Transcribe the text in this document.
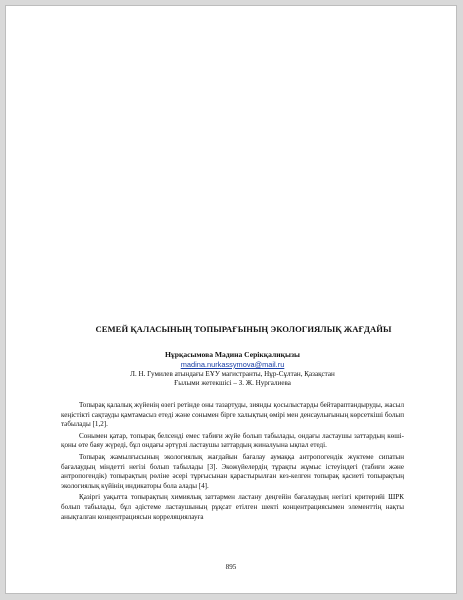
СЕМЕЙ ҚАЛАСЫНЫҢ ТОПЫРАҒЫНЫҢ ЭКОЛОГИЯЛЫҚ ЖАҒДАЙЫ
Нұрқасымова Мадина Серікқалиқызы
madina.nurkassymova@mail.ru
Л. Н. Гумилев атындағы ЕҰУ магистранты, Нұр-Сұлтан, Қазақстан
Ғылыми жетекшісі – З. Ж. Нургалиева

Топырақ қалалық жүйенің өзегі ретінде оны тазартуды, зиянды қосылыстарды бейтараптандыруды, жасыл кеңістікті сақтауды қамтамасыз етеді және сонымен бірге халықтың өмірі мен денсаулығының көрсеткіші болып табылады [1,2].

Сонымен қатар, топырақ белсенді емес табиғи жүйе болып табылады, ондағы ластаушы заттардың көші-қоны өте баяу жүреді, бұл ондағы әртүрлі ластаушы заттардың жиналуына ықпал етеді.

Топырақ жамылғысының экологиялық жағдайын бағалау аумаққа антропогендік жүктеме сипатын бағалаудың міндетті негізі болып табылады [3]. Экожүйелердің тұрақты жұмыс істеуіндегі (табиғи және антропогендік) топырақтың рөліне әсері тұрғысынан қарастырылған кез-келген топырақ қасиеті топырақтың экологиялық күйінің индикаторы бола алады [4].

Қазіргі уақытта топырақтың химиялық заттармен ластану деңгейін бағалаудың негізгі критерийі ШРК болып табылады, бұл әдістеме ластаушының рұқсат етілген шекті концентрациясымен элементтің нақты анықталған концентрациясын корреляциялауға

895
